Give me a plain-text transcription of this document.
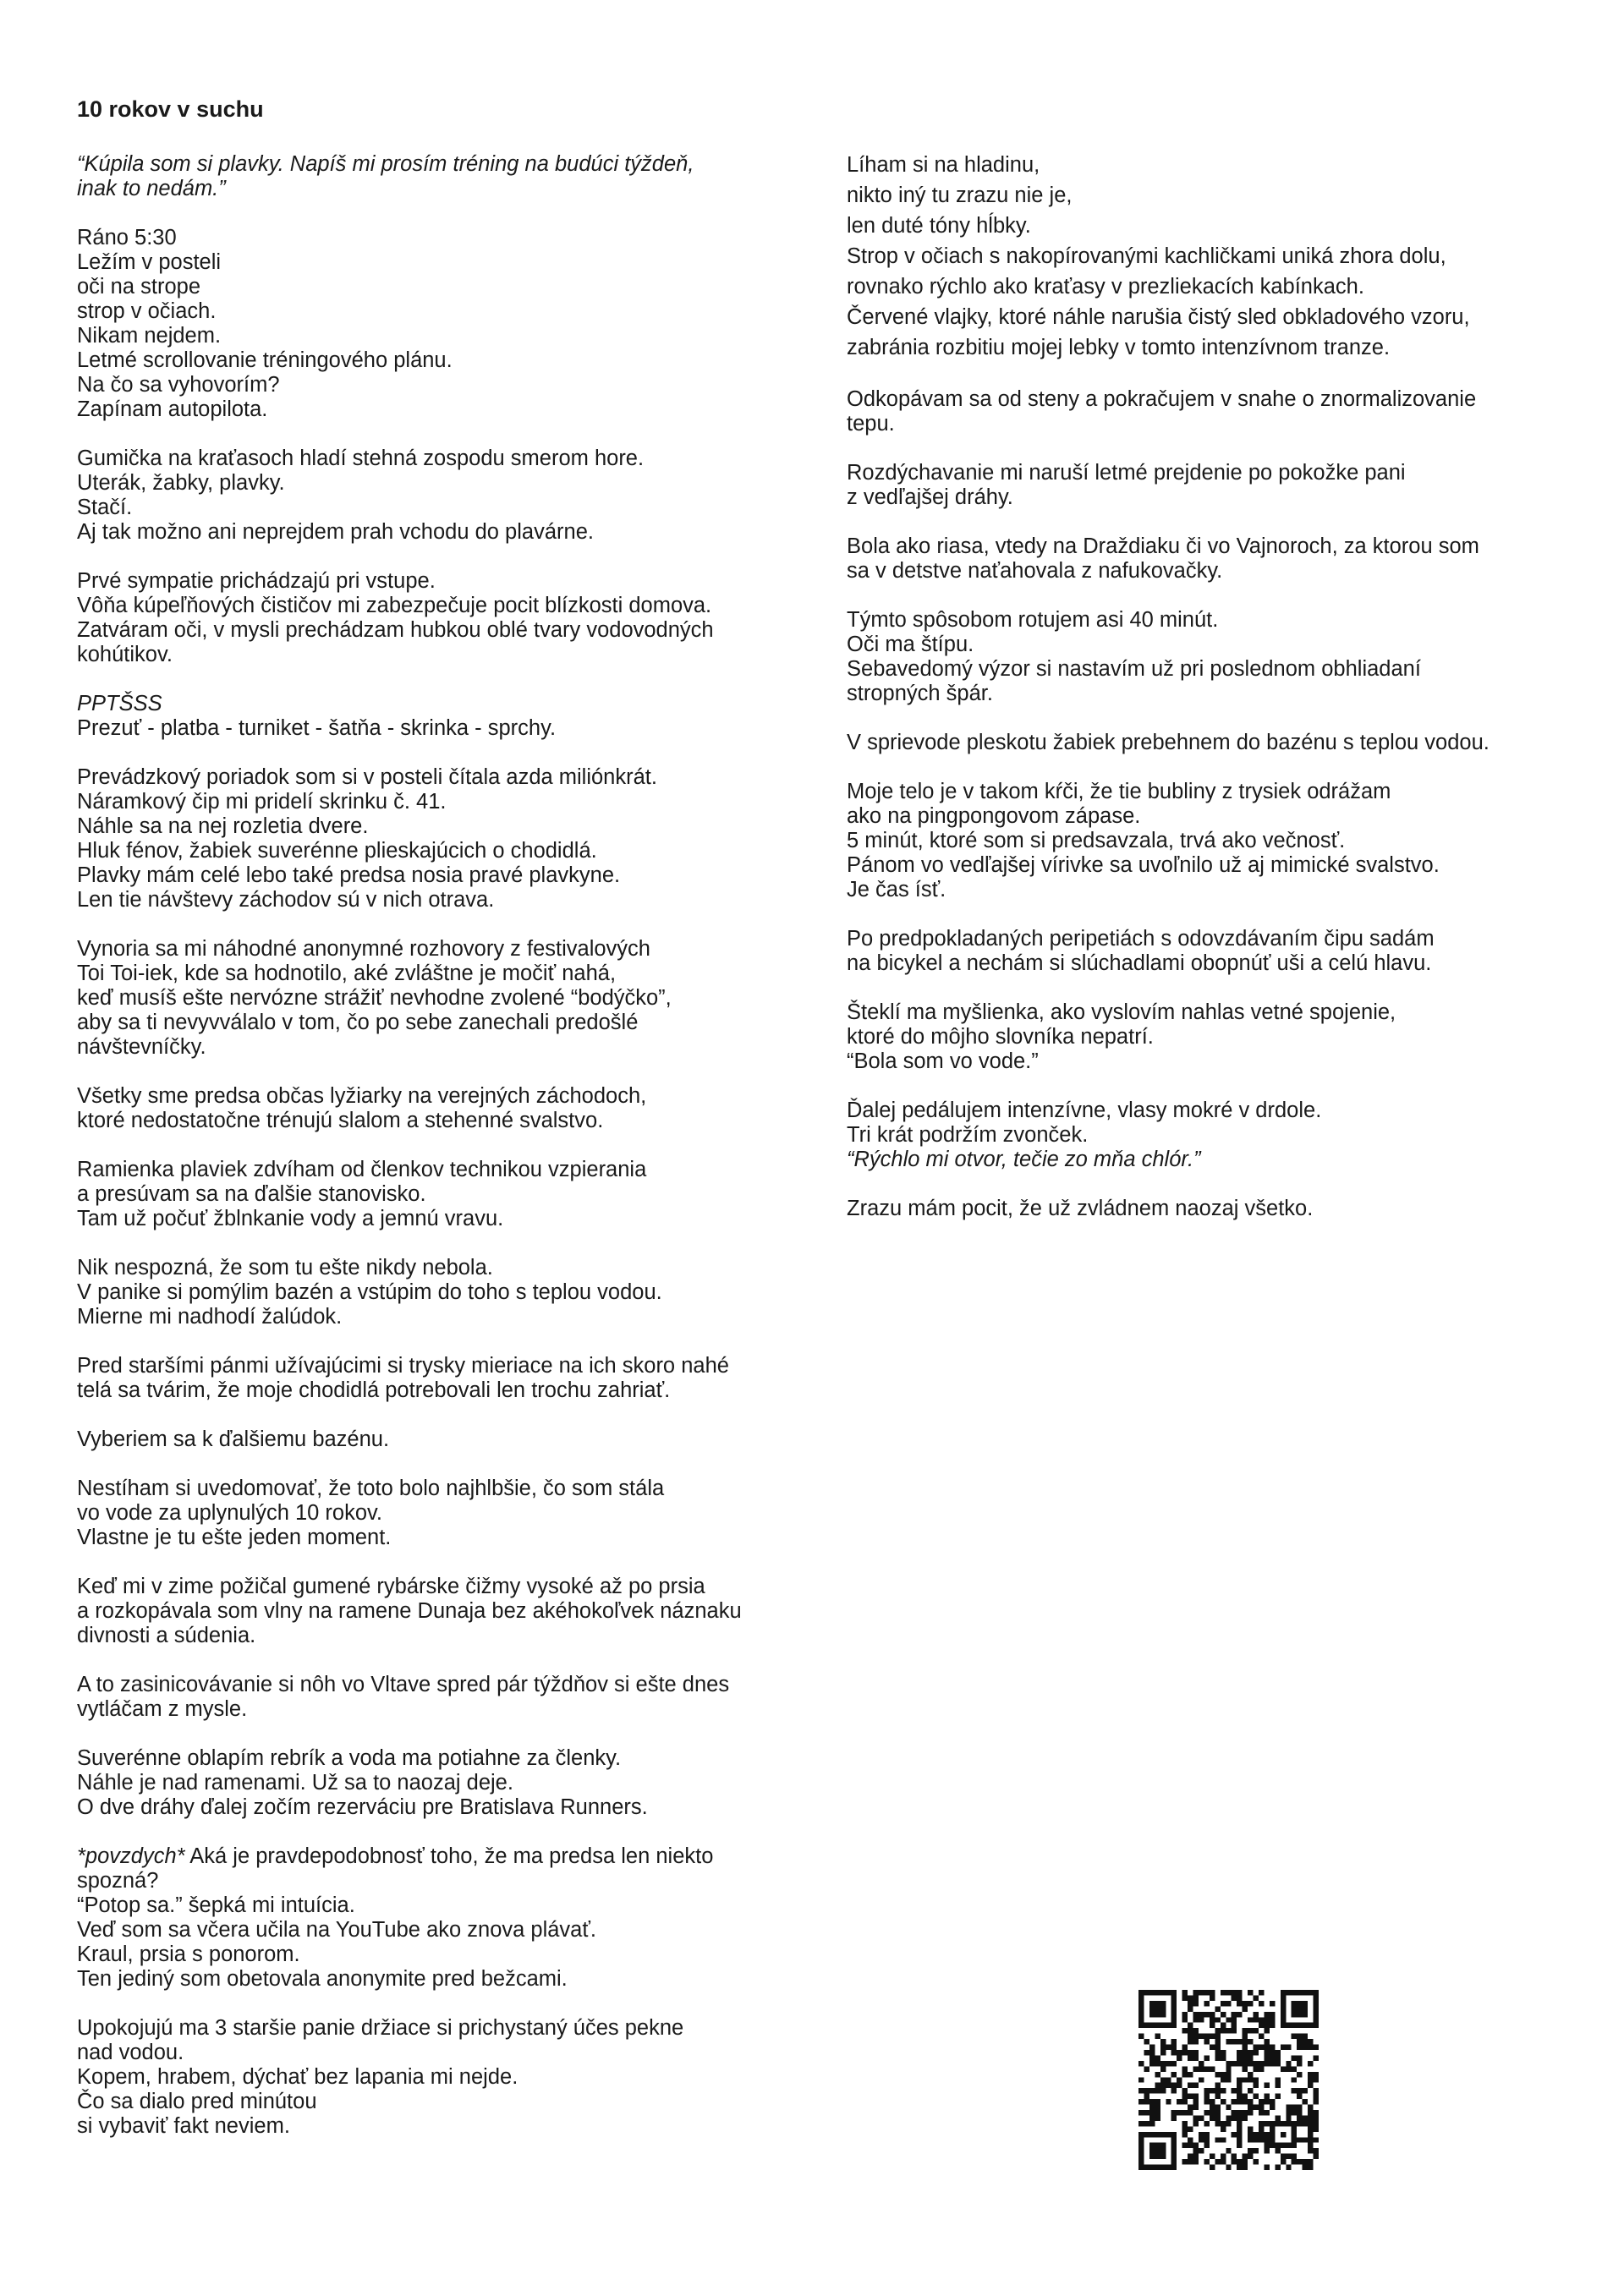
10 rokov v suchu

“Kúpila som si plavky. Napíš mi prosím tréning na budúci týždeň,
inak to nedám.”

Ráno 5:30
Ležím v posteli
oči na strope
strop v očiach.
Nikam nejdem.
Letmé scrollovanie tréningového plánu.
Na čo sa vyhovorím?
Zapínam autopilota.

Gumička na kraťasoch hladí stehná zospodu smerom hore.
Uterák, žabky, plavky.
Stačí.
Aj tak možno ani neprejdem prah vchodu do plavárne.

Prvé sympatie prichádzajú pri vstupe.
Vôňa kúpeľňových čističov mi zabezpečuje pocit blízkosti domova.
Zatváram oči, v mysli prechádzam hubkou oblé tvary vodovodných
kohútikov.

PPTŠSS
Prezuť - platba - turniket - šatňa - skrinka - sprchy.

Prevádzkový poriadok som si v posteli čítala azda miliónkrát.
Náramkový čip mi pridelí skrinku č. 41.
Náhle sa na nej rozletia dvere.
Hluk fénov, žabiek suverénne plieskajúcich o chodidlá.
Plavky mám celé lebo také predsa nosia pravé plavkyne.
Len tie návštevy záchodov sú v nich otrava.

Vynoria sa mi náhodné anonymné rozhovory z festivalových
Toi Toi-iek, kde sa hodnotilo, aké zvláštne je močiť nahá,
keď musíš ešte nervózne strážiť nevhodne zvolené “bodýčko”,
aby sa ti nevyvválalo v tom, čo po sebe zanechali predošlé
návštevníčky.

Všetky sme predsa občas lyžiarky na verejných záchodoch,
ktoré nedostatočne trénujú slalom a stehenné svalstvo.

Ramienka plaviek zdvíham od členkov technikou vzpierania
a presúvam sa na ďalšie stanovisko.
Tam už počuť žblnkanie vody a jemnú vravu.

Nik nespozná, že som tu ešte nikdy nebola.
V panike si pomýlim bazén a vstúpim do toho s teplou vodou.
Mierne mi nadhodí žalúdok.

Pred staršími pánmi užívajúcimi si trysky mieriace na ich skoro nahé
telá sa tvárim, že moje chodidlá potrebovali len trochu zahriať.

Vyberiem sa k ďalšiemu bazénu.

Nestíham si uvedomovať, že toto bolo najhlbšie, čo som stála
vo vode za uplynulých 10 rokov.
Vlastne je tu ešte jeden moment.

Keď mi v zime požičal gumené rybárske čižmy vysoké až po prsia
a rozkopávala som vlny na ramene Dunaja bez akéhokoľvek náznaku
divnosti a súdenia.

A to zasinicovávanie si nôh vo Vltave spred pár týždňov si ešte dnes
vytláčam z mysle.

Suverénne oblapím rebrík a voda ma potiahne za členky.
Náhle je nad ramenami. Už sa to naozaj deje.
O dve dráhy ďalej zočím rezerváciu pre Bratislava Runners.

*povzdych* Aká je pravdepodobnosť toho, že ma predsa len niekto
spozná?
“Potop sa.” šepká mi intuícia.
Veď som sa včera učila na YouTube ako znova plávať.
Kraul, prsia s ponorom.
Ten jediný som obetovala anonymite pred bežcami.

Upokojujú ma 3 staršie panie držiace si prichystaný účes pekne
nad vodou.
Kopem, hrabem, dýchať bez lapania mi nejde.
Čo sa dialo pred minútou
si vybaviť fakt neviem.

Líham si na hladinu,
nikto iný tu zrazu nie je,
len duté tóny hĺbky.
Strop v očiach s nakopírovanými kachličkami uniká zhora dolu,
rovnako rýchlo ako kraťasy v prezliekacích kabínkach.
Červené vlajky, ktoré náhle narušia čistý sled obkladového vzoru,
zabránia rozbitiu mojej lebky v tomto intenzívnom tranze.

Odkopávam sa od steny a pokračujem v snahe o znormalizovanie
tepu.

Rozdýchavanie mi naruší letmé prejdenie po pokožke pani
z vedľajšej dráhy.

Bola ako riasa, vtedy na Draždiaku či vo Vajnoroch, za ktorou som
sa v detstve naťahovala z nafukovačky.

Týmto spôsobom rotujem asi 40 minút.
Oči ma štípu.
Sebavedomý výzor si nastavím už pri poslednom obhliadaní
stropných špár.

V sprievode pleskotu žabiek prebehnem do bazénu s teplou vodou.

Moje telo je v takom kŕči, že tie bubliny z trysiek odrážam
ako na pingpongovom zápase.
5 minút, ktoré som si predsavzala, trvá ako večnosť.
Pánom vo vedľajšej vírivke sa uvoľnilo už aj mimické svalstvo.
Je čas ísť.

Po predpokladaných peripetiách s odovzdávaním čipu sadám
na bicykel a nechám si slúchadlami obopnúť uši a celú hlavu.

Šteklí ma myšlienka, ako vyslovím nahlas vetné spojenie,
ktoré do môjho slovníka nepatrí.
“Bola som vo vode.”

Ďalej pedálujem intenzívne, vlasy mokré v drdole.
Tri krát podržím zvonček.
“Rýchlo mi otvor, tečie zo mňa chlór.”

Zrazu mám pocit, že už zvládnem naozaj všetko.
